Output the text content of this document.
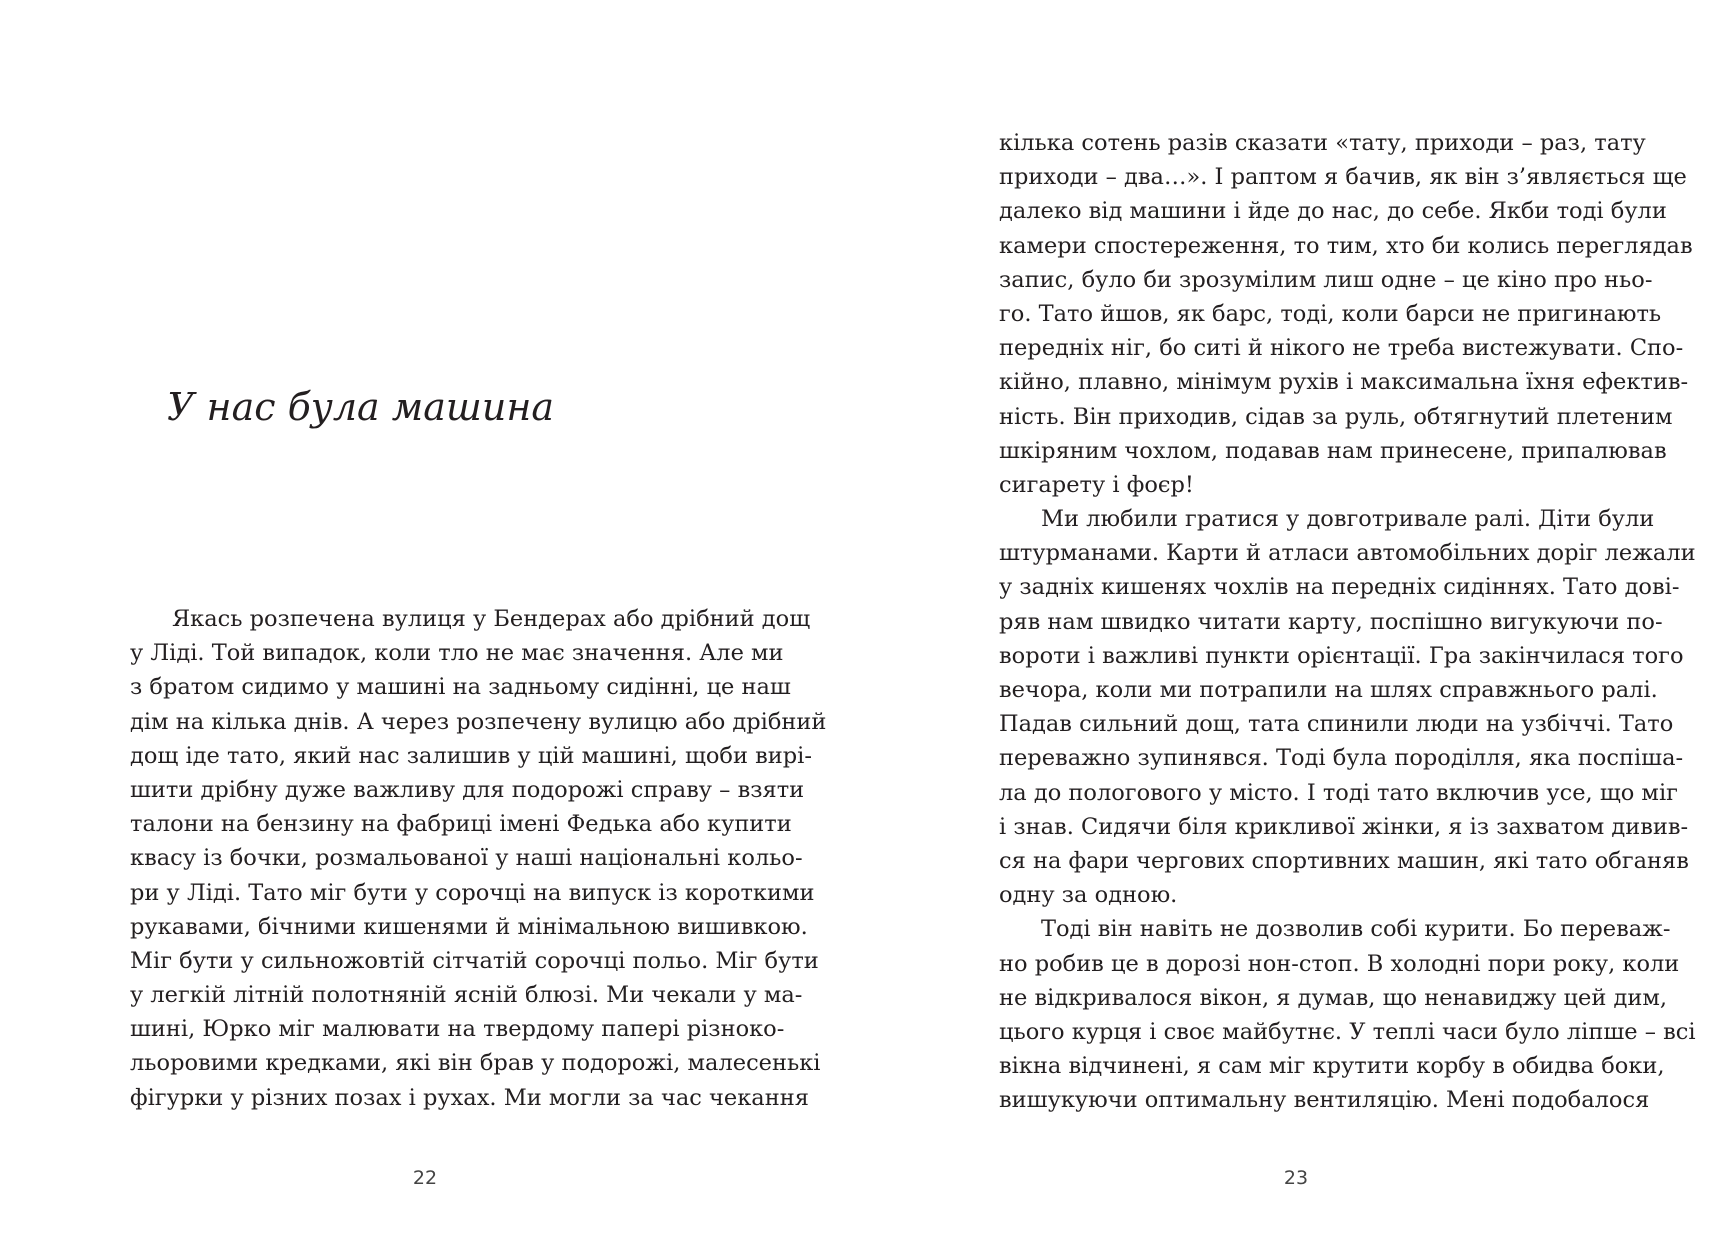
У нас була машина
Якась розпечена вулиця у Бендерах або дрібний дощ
у Ліді. Той випадок, коли тло не має значення. Але ми
з братом сидимо у машині на задньому сидінні, це наш
дім на кілька днів. А через розпечену вулицю або дрібний
дощ іде тато, який нас залишив у цій машині, щоби вирі-
шити дрібну дуже важливу для подорожі справу – взяти
талони на бензину на фабриці імені Федька або купити
квасу із бочки, розмальованої у наші національні кольо-
ри у Ліді. Тато міг бути у сорочці на випуск із короткими
рукавами, бічними кишенями й мінімальною вишивкою.
Міг бути у сильножовтій сітчатій сорочці польо. Міг бути
у легкій літній полотняній ясній блюзі. Ми чекали у ма-
шині, Юрко міг малювати на твердому папері різноко-
льоровими кредками, які він брав у подорожі, малесенькі
фігурки у різних позах і рухах. Ми могли за час чекання
22
кілька сотень разів сказати «тату, приходи – раз, тату
приходи – два…». І раптом я бачив, як він з’являється ще
далеко від машини і йде до нас, до себе. Якби тоді були
камери спостереження, то тим, хто би колись переглядав
запис, було би зрозумілим лиш одне – це кіно про ньо-
го. Тато йшов, як барс, тоді, коли барси не пригинають
передніх ніг, бо ситі й нікого не треба вистежувати. Спо-
кійно, плавно, мінімум рухів і максимальна їхня ефектив-
ність. Він приходив, сідав за руль, обтягнутий плетеним
шкіряним чохлом, подавав нам принесене, припалював
сигарету і фоєр!
Ми любили гратися у довготривале ралі. Діти були
штурманами. Карти й атласи автомобільних доріг лежали
у задніх кишенях чохлів на передніх сидіннях. Тато дові-
ряв нам швидко читати карту, поспішно вигукуючи по-
вороти і важливі пункти орієнтації. Гра закінчилася того
вечора, коли ми потрапили на шлях справжнього ралі.
Падав сильний дощ, тата спинили люди на узбіччі. Тато
переважно зупинявся. Тоді була породілля, яка поспіша-
ла до пологового у місто. І тоді тато включив усе, що міг
і знав. Сидячи біля крикливої жінки, я із захватом дивив-
ся на фари чергових спортивних машин, які тато обганяв
одну за одною.
Тоді він навіть не дозволив собі курити. Бо перевaж-
но робив це в дорозі нон-стоп. В холодні пори року, коли
не відкривалося вікон, я думав, що ненавиджу цей дим,
цього курця і своє майбутнє. У теплі часи було ліпше – всі
вікна відчинені, я сам міг крутити корбу в обидва боки,
вишукуючи оптимальну вентиляцію. Мені подобалося
23
